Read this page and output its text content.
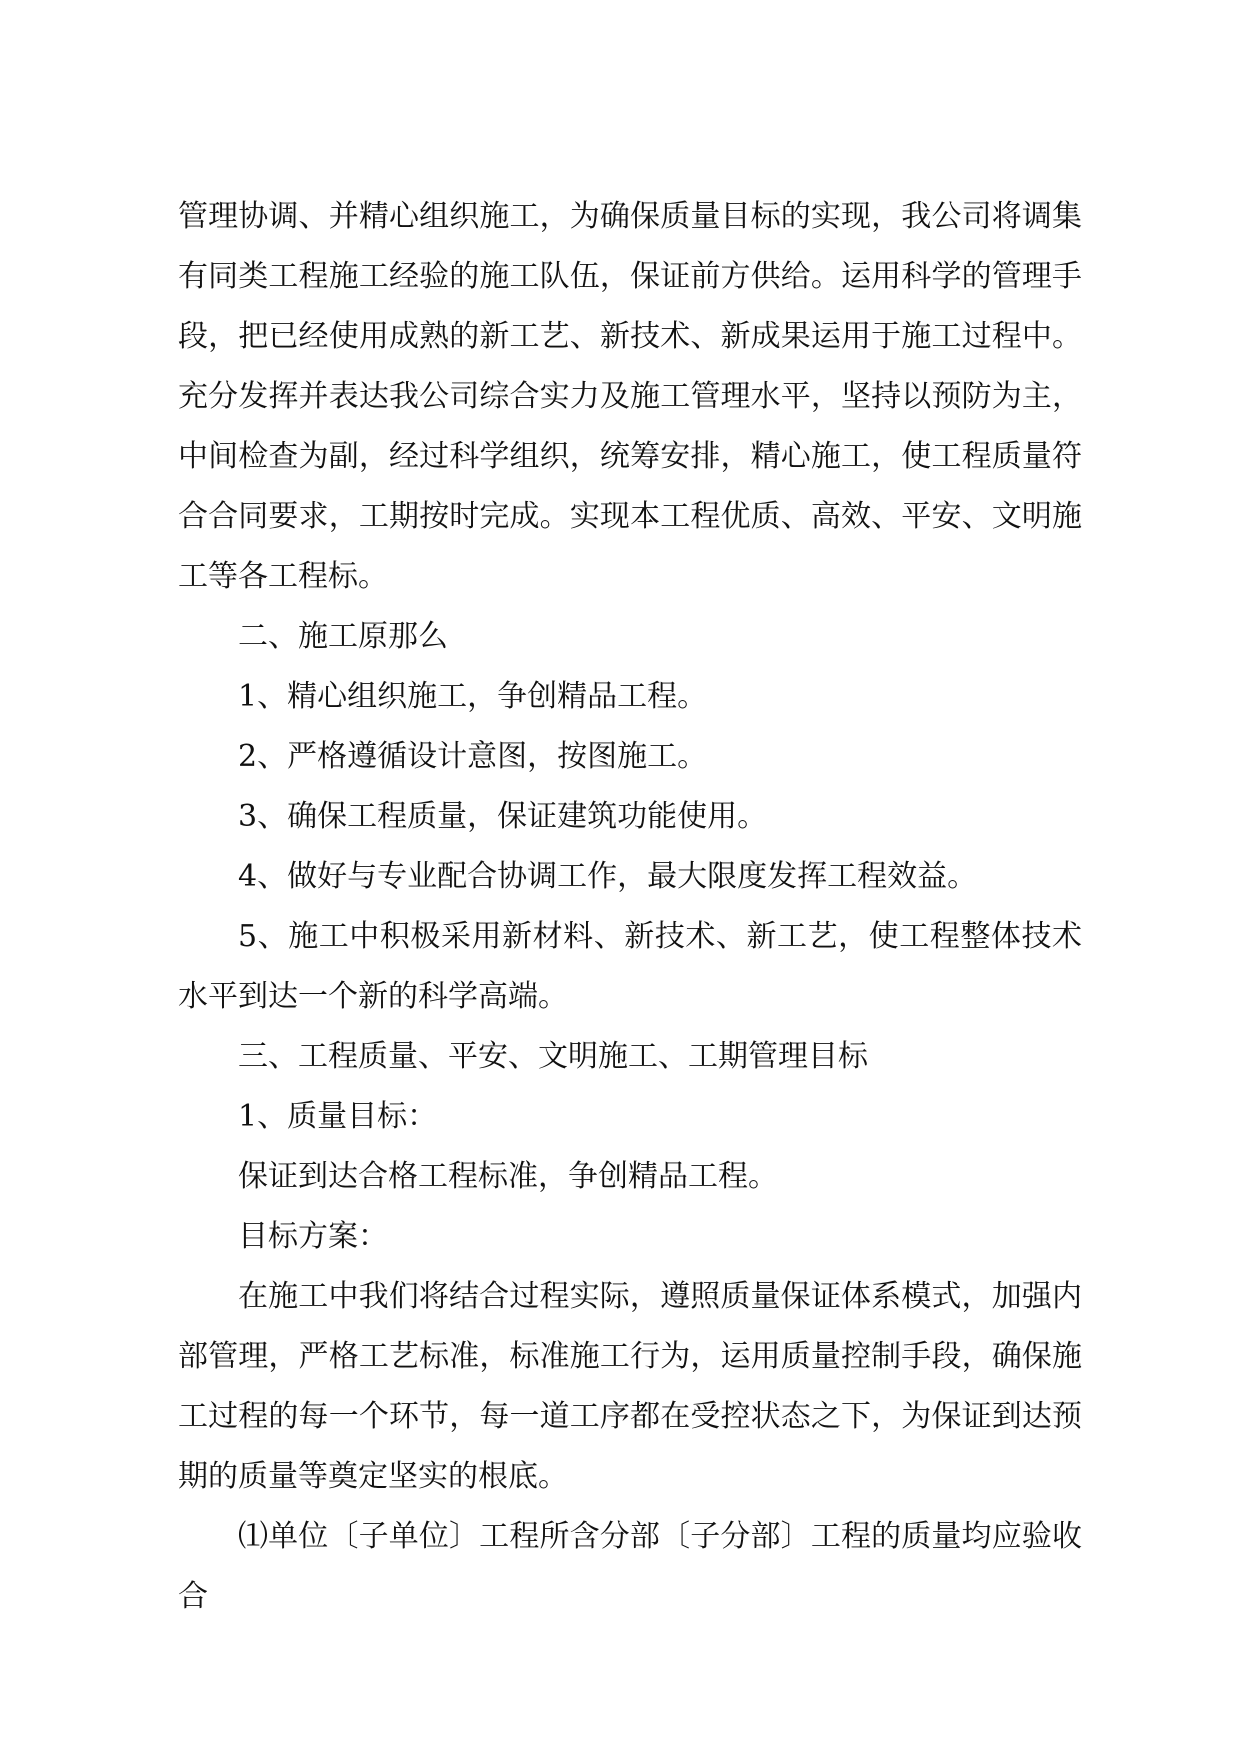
管理协调、并精心组织施工，为确保质量目标的实现，我公司将调集有同类工程施工经验的施工队伍，保证前方供给。运用科学的管理手段，把已经使用成熟的新工艺、新技术、新成果运用于施工过程中。充分发挥并表达我公司综合实力及施工管理水平，坚持以预防为主，中间检查为副，经过科学组织，统筹安排，精心施工，使工程质量符合合同要求，工期按时完成。实现本工程优质、高效、平安、文明施工等各工程标。

二、施工原那么

1、精心组织施工，争创精品工程。

2、严格遵循设计意图，按图施工。

3、确保工程质量，保证建筑功能使用。

4、做好与专业配合协调工作，最大限度发挥工程效益。

5、施工中积极采用新材料、新技术、新工艺，使工程整体技术水平到达一个新的科学高端。

三、工程质量、平安、文明施工、工期管理目标

1、质量目标：

保证到达合格工程标准，争创精品工程。

目标方案：

在施工中我们将结合过程实际，遵照质量保证体系模式，加强内部管理，严格工艺标准，标准施工行为，运用质量控制手段，确保施工过程的每一个环节，每一道工序都在受控状态之下，为保证到达预期的质量等奠定坚实的根底。

⑴单位〔子单位〕工程所含分部〔子分部〕工程的质量均应验收合
